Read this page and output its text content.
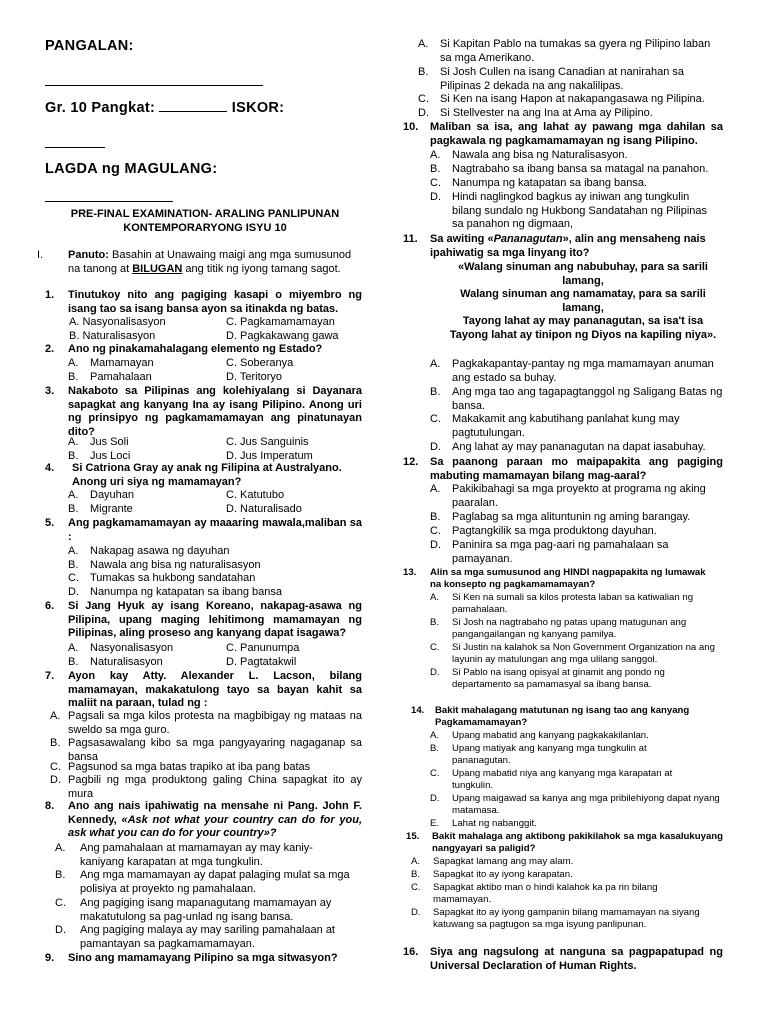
PANGALAN:
Gr. 10 Pangkat:	ISKOR:
LAGDA ng MAGULANG:
PRE-FINAL EXAMINATION- ARALING PANLIPUNAN
KONTEMPORARYONG ISYU 10
I. Panuto: Basahin at Unawaing maigi ang mga sumusunod na tanong at BILUGAN ang titik ng iyong tamang sagot.
1. Tinutukoy nito ang pagiging kasapi o miyembro ng isang tao sa isang bansa ayon sa itinakda ng batas.
A. Nasyonalisasyon	C. Pagkamamamayan
B. Naturalisasyon	D. Pagkakawang gawa
2. Ano ng pinakamahalagang elemento ng Estado?
A. Mamamayan	C. Soberanya
B. Pamahalaan	D. Teritoryo
3. Nakaboto sa Pilipinas ang kolehiyalang si Dayanara sapagkat ang kanyang Ina ay isang Pilipino. Anong uri ng prinsipyo ng pagkamamamayan ang pinatunayan dito?
A. Jus Soli	C. Jus Sanguinis
B. Jus Loci	D. Jus Imperatum
4. Si Catriona Gray ay anak ng Filipina at Australyano. Anong uri siya ng mamamayan?
A. Dayuhan	C. Katutubo
B. Migrante	D. Naturalisado
5. Ang pagkamamamayan ay maaaring mawala,maliban sa :
A. Nakapag asawa ng dayuhan
B. Nawala ang bisa ng naturalisasyon
C. Tumakas sa hukbong sandatahan
D. Nanumpa ng katapatan sa ibang bansa
6. Si Jang Hyuk ay isang Koreano, nakapag-asawa ng Pilipina, upang maging lehitimong mamamayan ng Pilipinas, aling proseso ang kanyang dapat isagawa?
A. Nasyonalisasyon	C. Panunumpa
B. Naturalisasyon	D. Pagtatakwil
7. Ayon kay Atty. Alexander L. Lacson, bilang mamamayan, makakatulong tayo sa bayan kahit sa maliit na paraan, tulad ng :
A. Pagsali sa mga kilos protesta na magbibigay ng mataas na sweldo sa mga guro.
B. Pagsasawalang kibo sa mga pangyayaring nagaganap sa bansa
C. Pagsunod sa mga batas trapiko at iba pang batas
D. Pagbili ng mga produktong galing China sapagkat ito ay mura
8. Ano ang nais ipahiwatig na mensahe ni Pang. John F. Kennedy, «Ask not what your country can do for you, ask what you can do for your country»?
A. Ang pamahalaan at mamamayan ay may kaniy-kaniyang karapatan at mga tungkulin.
B. Ang mga mamamayan ay dapat palaging mulat sa mga polisiya at proyekto ng pamahalaan.
C. Ang pagiging isang mapanagutang mamamayan ay makatutulong sa pag-unlad ng isang bansa.
D. Ang pagiging malaya ay may sariling pamahalaan at pamantayan sa pagkamamamayan.
9. Sino ang mamamayang Pilipino sa mga sitwasyon?
A. Si Kapitan Pablo na tumakas sa gyera ng Pilipino laban sa mga Amerikano.
B. Si Josh Cullen na isang Canadian at nanirahan sa Pilipinas 2 dekada na ang nakalilipas.
C. Si Ken na isang Hapon at nakapangasawa ng Pilipina.
D. Si Stellvester na ang Ina at Ama ay Pilipino.
10. Maliban sa isa, ang lahat ay pawang mga dahilan sa pagkawala ng pagkamamamayan ng isang Pilipino.
A. Nawala ang bisa ng Naturalisasyon.
B. Nagtrabaho sa ibang bansa sa matagal na panahon.
C. Nanumpa ng katapatan sa ibang bansa.
D. Hindi naglingkod bagkus ay iniwan ang tungkulin bilang sundalo ng Hukbong Sandatahan ng Pilipinas sa panahon ng digmaan,
11. Sa awiting «Pananagutan», alin ang mensaheng nais ipahiwatig sa mga linyang ito?
«Walang sinuman ang nabubuhay, para sa sarili lamang,
Walang sinuman ang namamatay, para sa sarili lamang,
Tayong lahat ay may pananagutan, sa isa't isa
Tayong lahat ay tinipon ng Diyos na kapiling niya».
A. Pagkakapantay-pantay ng mga mamamayan anuman ang estado sa buhay.
B. Ang mga tao ang tagapagtanggol ng Saligang Batas ng bansa.
C. Makakamit ang kabutihang panlahat kung may pagtutulungan.
D. Ang lahat ay may pananagutan na dapat iasabuhay.
12. Sa paanong paraan mo maipapakita ang pagiging mabuting mamamayan bilang mag-aaral?
A. Pakikibahagi sa mga proyekto at programa ng aking paaralan.
B. Paglabag sa mga alituntunin ng aming barangay.
C. Pagtangkilik sa mga produktong dayuhan.
D. Paninira sa mga pag-aari ng pamahalaan sa pamayanan.
13. Alin sa mga sumusunod ang HINDI nagpapakita ng lumawak na konsepto ng pagkamamamayan?
A. Si Ken na sumali sa kilos protesta laban sa katiwalian ng pamahalaan.
B. Si Josh na nagtrabaho ng patas upang matugunan ang pangangailangan ng kanyang pamilya.
C. Si Justin na kalahok sa Non Government Organization na ang layunin ay matulungan ang mga ulilang sanggol.
D. Si Pablo na isang opisyal at ginamit ang pondo ng departamento sa pamamasyal sa ibang bansa.
14. Bakit mahalagang matutunan ng isang tao ang kanyang Pagkamamamayan?
A. Upang mabatid ang kanyang pagkakakilanlan.
B. Upang matiyak ang kanyang mga tungkulin at pananagutan.
C. Upang mabatid niya ang kanyang mga karapatan at tungkulin.
D. Upang maigawad sa kanya ang mga pribilehiyong dapat nyang matamasa.
E. Lahat ng nabanggit.
15. Bakit mahalaga ang aktibong pakikilahok sa mga kasalukuyang nangyayari sa paligid?
A. Sapagkat lamang ang may alam.
B. Sapagkat ito ay iyong karapatan.
C. Sapagkat aktibo man o hindi kalahok ka pa rin bilang mamamayan.
D. Sapagkat ito ay iyong gampanin bilang mamamayan na siyang katuwang sa pagtugon sa mga isyung panlipunan.
16. Siya ang nagsulong at nanguna sa pagpapatupad ng Universal Declaration of Human Rights.
